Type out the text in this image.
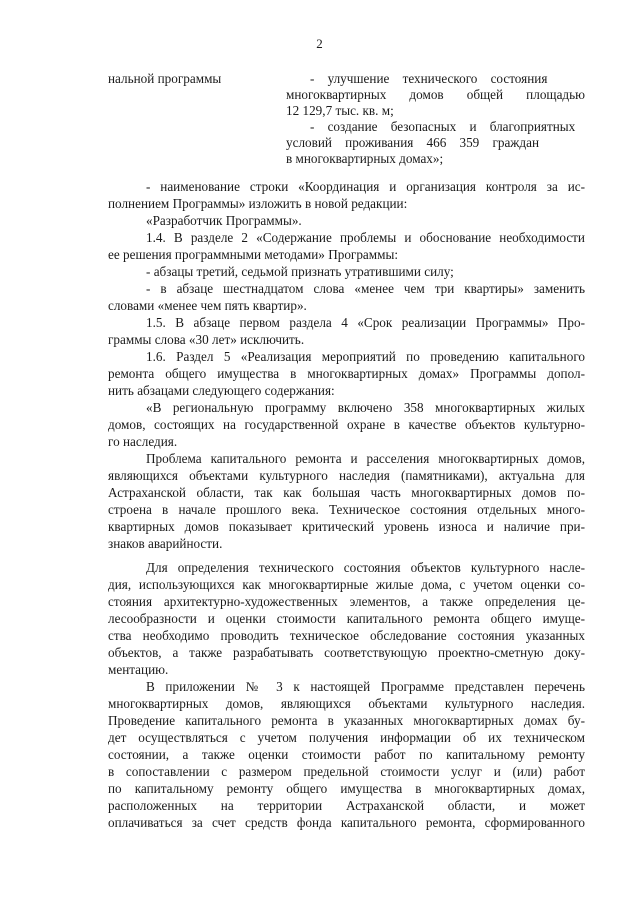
2
нальной программы	- улучшение технического состояния
многоквартирных домов общей площадью
12 129,7 тыс. кв. м;
- создание безопасных и благоприятных
условий проживания 466 359 граждан
в многоквартирных домах»;
- наименование строки «Координация и организация контроля за ис-
полнением Программы» изложить в новой редакции:
«Разработчик Программы».
1.4. В разделе 2 «Содержание проблемы и обоснование необходимости
ее решения программными методами» Программы:
- абзацы третий, седьмой признать утратившими силу;
- в абзаце шестнадцатом слова «менее чем три квартиры» заменить
словами «менее чем пять квартир».
1.5. В абзаце первом раздела 4 «Срок реализации Программы» Про-
граммы слова «30 лет» исключить.
1.6. Раздел 5 «Реализация мероприятий по проведению капитального
ремонта общего имущества в многоквартирных домах» Программы допол-
нить абзацами следующего содержания:
«В региональную программу включено 358 многоквартирных жилых
домов, состоящих на государственной охране в качестве объектов культурно-
го наследия.
Проблема капитального ремонта и расселения многоквартирных домов,
являющихся объектами культурного наследия (памятниками), актуальна для
Астраханской области, так как большая часть многоквартирных домов по-
строена в начале прошлого века. Техническое состояния отдельных много-
квартирных домов показывает критический уровень износа и наличие при-
знаков аварийности.
Для определения технического состояния объектов культурного насле-
дия, использующихся как многоквартирные жилые дома, с учетом оценки со-
стояния архитектурно-художественных элементов, а также определения це-
лесообразности и оценки стоимости капитального ремонта общего имуще-
ства необходимо проводить техническое обследование состояния указанных
объектов, а также разрабатывать соответствующую проектно-сметную доку-
ментацию.
В приложении № 3 к настоящей Программе представлен перечень
многоквартирных домов, являющихся объектами культурного наследия.
Проведение капитального ремонта в указанных многоквартирных домах бу-
дет осуществляться с учетом получения информации об их техническом
состоянии, а также оценки стоимости работ по капитальному ремонту
в сопоставлении с размером предельной стоимости услуг и (или) работ
по капитальному ремонту общего имущества в многоквартирных домах,
расположенных на территории Астраханской области, и может
оплачиваться за счет средств фонда капитального ремонта, сформированного
